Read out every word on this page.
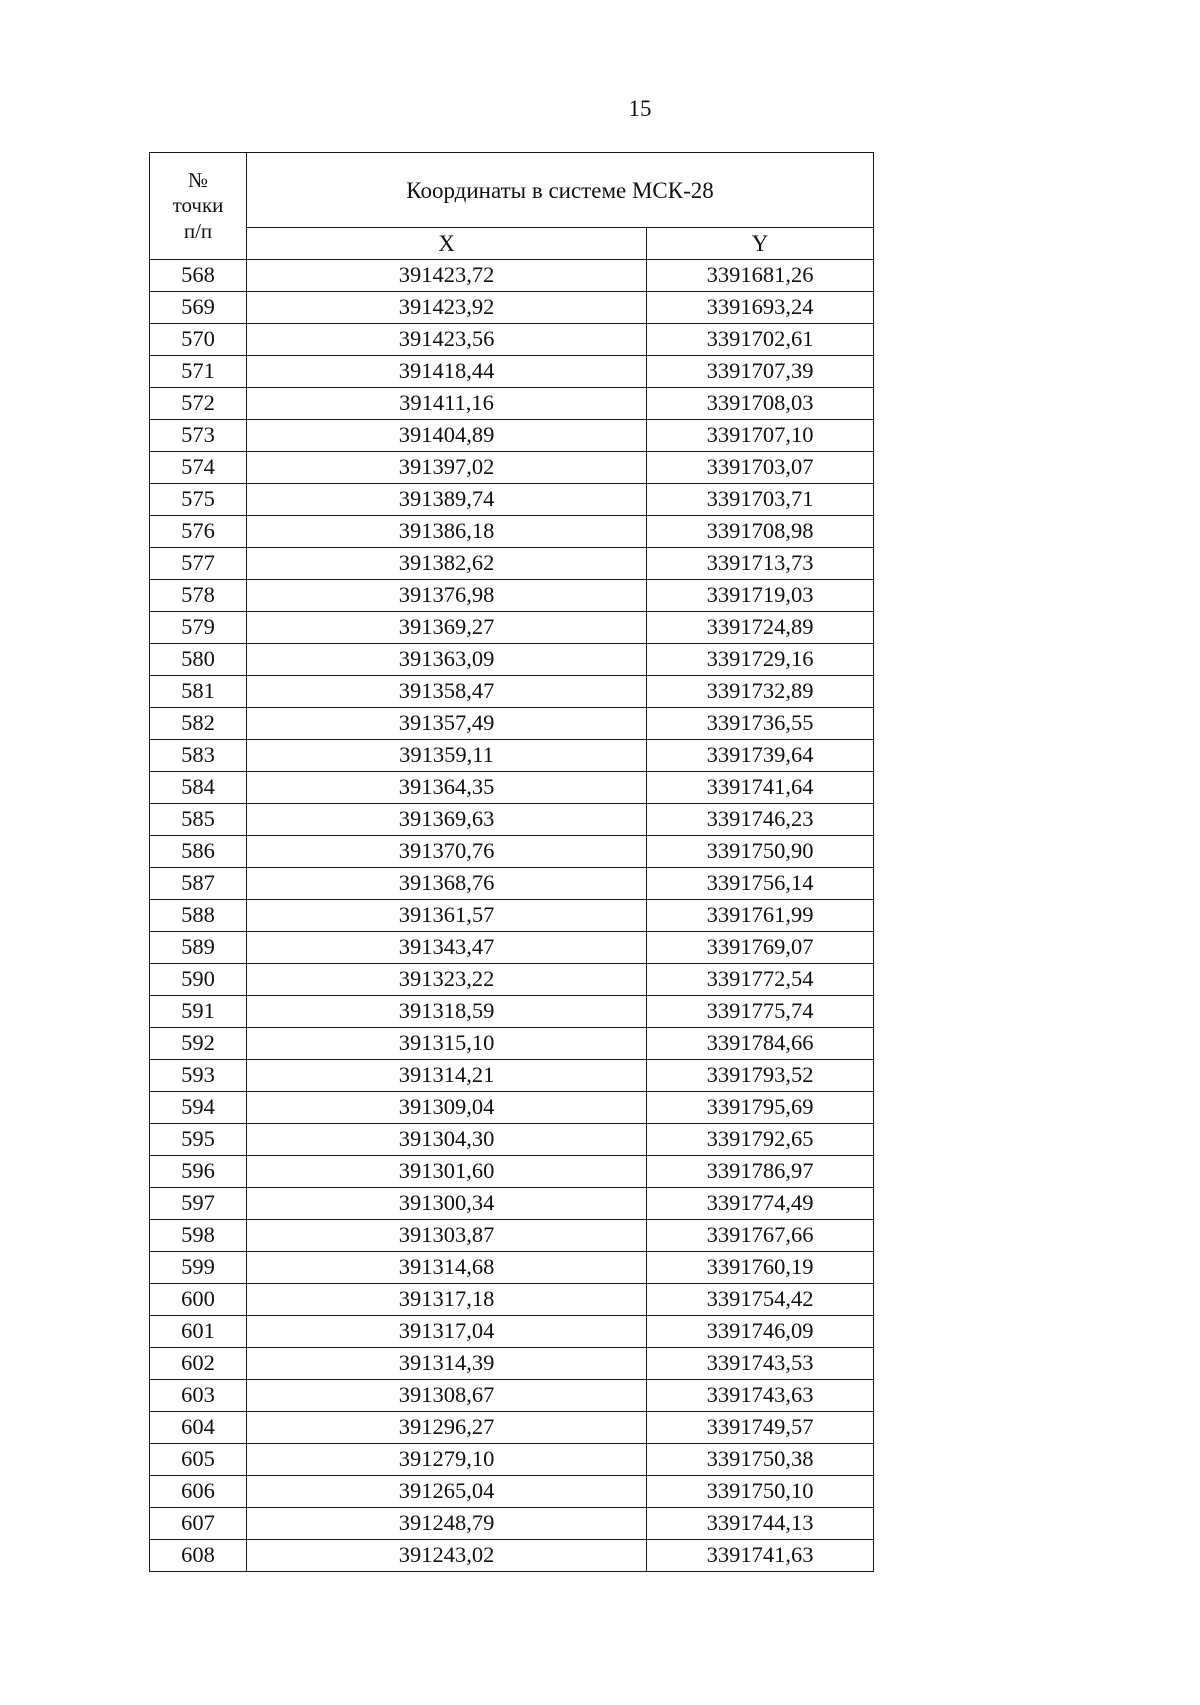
15
№
точки
п/п	Координаты в системе МСК-28	
	X	Y
568	391423,72	3391681,26
569	391423,92	3391693,24
570	391423,56	3391702,61
571	391418,44	3391707,39
572	391411,16	3391708,03
573	391404,89	3391707,10
574	391397,02	3391703,07
575	391389,74	3391703,71
576	391386,18	3391708,98
577	391382,62	3391713,73
578	391376,98	3391719,03
579	391369,27	3391724,89
580	391363,09	3391729,16
581	391358,47	3391732,89
582	391357,49	3391736,55
583	391359,11	3391739,64
584	391364,35	3391741,64
585	391369,63	3391746,23
586	391370,76	3391750,90
587	391368,76	3391756,14
588	391361,57	3391761,99
589	391343,47	3391769,07
590	391323,22	3391772,54
591	391318,59	3391775,74
592	391315,10	3391784,66
593	391314,21	3391793,52
594	391309,04	3391795,69
595	391304,30	3391792,65
596	391301,60	3391786,97
597	391300,34	3391774,49
598	391303,87	3391767,66
599	391314,68	3391760,19
600	391317,18	3391754,42
601	391317,04	3391746,09
602	391314,39	3391743,53
603	391308,67	3391743,63
604	391296,27	3391749,57
605	391279,10	3391750,38
606	391265,04	3391750,10
607	391248,79	3391744,13
608	391243,02	3391741,63
